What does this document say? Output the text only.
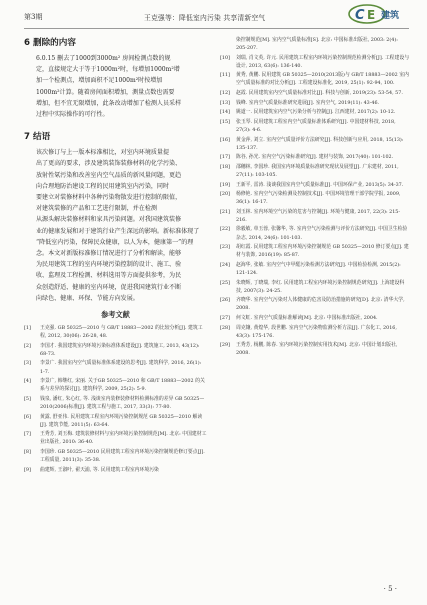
第3期	王克强等：降低室内污染 共享清新空气	C E 建筑
6 删除的内容
6.0.15 删去了1000到3000m² 房间检测点数的规
定，直接规定大于等于1000m²时，每增加1000m²增
加一个检测点，增加面积不足1000m²时按增加
1000m²计算。随着房间面积增加，测量点数也需要
增加，但不宜无限增加，此条改动增加了检测人员采样
过程中实际操作的可行性。
7 结语
该次修订与上一版本标准相比，对室内环境质量提
出了更高的要求，涉及建筑装饰装修材料的化学污染、
放射性氡污染和改善室内空气品质的新风量问题，更趋
向合理地防治建设工程的民用建筑室内污染，同时
要建立对装修材料中各种污染物散发进行控制的限值，
对建筑装修的产品和工艺进行限制，并在检测
从源头解决装修材料和家具污染问题。对我国建筑装修
业的健康发展和对于建筑行业产生深远的影响。新标准体现了
“降低室内污染，保障民众健康，以人为本，健康第一”的理
念。本文对新版标准修订情况进行了分析和解读，能够
为民用建筑工程的室内环境污染控制的设计、施工、验
收、监理及工程检测、材料选用等方面提供参考，为民
众创造舒适、健康的室内环境，促进我国建筑行业不断
向绿色、健康、环保、节能方向发展。
参考文献
[1]	王克强. GB 50325—2010 与 GB/T 18883—2002 的比较分析[J]. 建筑工程, 2012, 30(06): 26-28, 48.
[2]	李国才. 我国建筑室内环境污染标准体系建设[J]. 建筑施工, 2013, 43(12): 68-73.
[3]	李景广. 我国室内空气质量标准体系建设的思考[J]. 建筑科学, 2016, 26(1): 1-7.
[4]	李景广, 韩继红, 宋丽. 关于GB 50325—2010 和 GB/T 18883—2002 的关系与差异的探讨[J]. 建筑科学, 2009, 25(2): 5-9.
[5]	钱泉, 潘红, 朱心红, 等. 浅谈室内装修装修材料检测标准的差异 GB 50325—2010(2006)标准[J]. 建筑工程与施工, 2017, 33(3): 77-80.
[6]	黄露, 舒亚伟. 民用建筑工程室内环境污染控制规范 GB 50325—2010 解读[J]. 建筑节能, 2011(5): 63-64.
[7]	王秀芳, 刘玉梅. 建筑装修材料与室内环境污染控制规范[M]. 北京: 中国建材工业出版社, 2010: 36-40.
[8]	李国珍. GB 50325—2010 民用建筑工程室内环境污染控制规范修订要点[J]. 工程质量, 2011(3): 35-38.
[9]	曲建辉, 王淑叶, 翟天浦, 等. 民用建筑工程室内环境污染
染控制规范[M]. 室内空气质量标准[S]. 北京: 中国标准出版社, 2003: 2(4): 205-207.
[10]	刘瑞, 肖文英, 许元. 民用建筑工程室内环境污染控制规范检测分析[J]. 工程建设与设计, 2013, 63(6): 136-140.
[11]	黄秀, 黄鹏. 民用建筑 GB 50325—2010(2013版)与 GB/T 18883—2002 室内空气质量标准的对比分析[J]. 工程建设标准化, 2019, 25(1): 92-94, 100.
[12]	赵霞. 民用建筑室内空气质量标准对比[J]. 科技与创新, 2019(23): 53-54, 57.
[13]	钱峰. 室内空气质量标准研究进展[J]. 室内空气, 2019(11): 43-46.
[14]	姚道一. 民用建筑室内空气污染分析与控制[J]. 江西建材, 2017(2): 10-12.
[15]	张玉琴. 民用建筑工程室内空气质量标准体系研究[J]. 中国建材科技, 2018, 27(3): 4-6.
[16]	黄金萍, 刘立. 室内空气质量评价方法研究[J]. 科技创新与应用, 2018, 15(13): 135-137.
[17]	陈谷, 孙光. 室内空气污染标准研究[J]. 建材与装饰, 2017(40): 101-102.
[18]	邵穗林, 李国珍. 我国室内环境质量标准研究现状及展望[J]. 广东建材, 2011, 27(11): 103-105.
[19]	王新平, 雷涛. 浅谈我国室内空气质量标准[J]. 中国环保产业, 2013(5): 34-37.
[20]	杨修艳. 室内空气污染检测及控制技术[J]. 中国环境管理干部学院学报, 2009, 36(1): 16-17.
[21]	刘玉林. 室内环境空气污染的危害与控制[J]. 环境与健康, 2017, 22(3): 215-216.
[22]	徐毅敏, 单玉蓉, 张馨华, 等. 室内空气污染检测与评价方法研究[J]. 中国卫生检验杂志, 2014, 24(6): 101-103.
[23]	胡红霞. 民用建筑工程室内环境污染控制规范 GB 50325—2010 修订要点[J]. 建材与装饰, 2016(19): 85-87.
[24]	赵海华, 张敏. 室内空气中甲醛污染检测方法研究[J]. 中国检验检测, 2015(2): 121-124.
[25]	朱晓辉, 丁晓瑞, 李红. 民用建筑工程室内环境污染控制规范研究[J]. 上海建设科技, 2007(3): 24-25.
[26]	齐晓华. 室内空气污染对人体健康的危害及防治措施的研究[D]. 北京: 清华大学, 2008.
[27]	何文虹. 室内空气质量标准解读[M]. 北京: 中国标准出版社, 2004.
[28]	周克镶, 黄煌华, 段世鹏. 室内空气污染物监测分析方法[J]. 广东化工, 2016, 43(3): 175-176.
[29]	王秀芳, 杨鹏, 陈春. 室内环境污染控制实用技术[M]. 北京: 中国计划出版社, 2008.
· 5 ·
